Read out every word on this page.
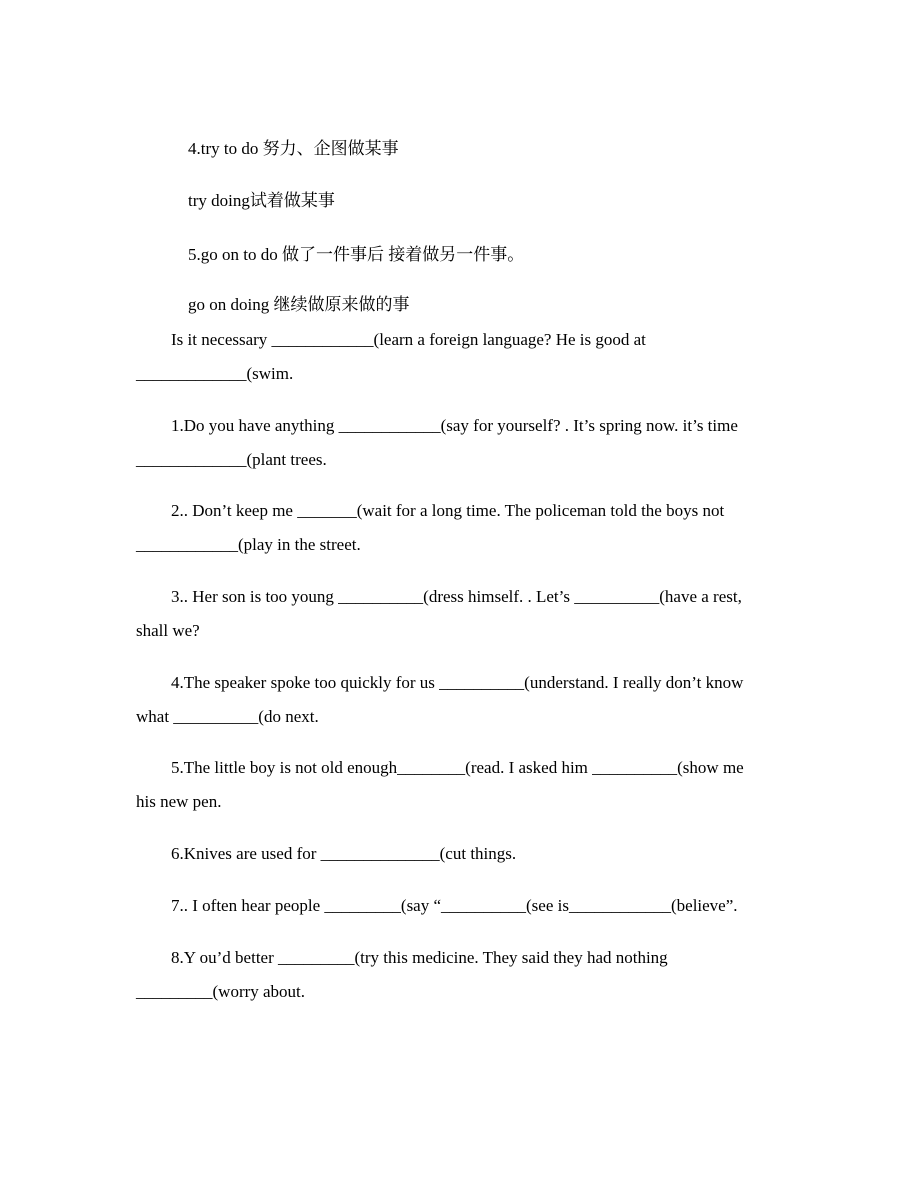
4.try to do 努力、企图做某事

try doing试着做某事

5.go on to do 做了一件事后 接着做另一件事。

go on doing 继续做原来做的事

Is it necessary ____________(learn a foreign language? He is good at

_____________(swim.

1.Do you have anything ____________(say for yourself? . It’s spring now. it’s time

_____________(plant trees.

2.. Don’t keep me _______(wait for a long time. The policeman told the boys not

____________(play in the street.

3.. Her son is too young __________(dress himself. . Let’s __________(have a rest,

shall we?

4.The speaker spoke too quickly for us __________(understand. I really don’t know

what __________(do next.

5.The little boy is not old enough________(read. I asked him __________(show me

his new pen.

6.Knives are used for ______________(cut things.

7.. I often hear people _________(say “__________(see is____________(believe”.

8.Y ou’d better _________(try this medicine. They said they had nothing

_________(worry about.
